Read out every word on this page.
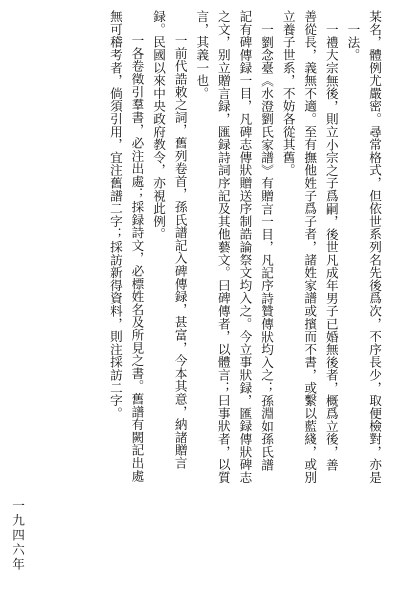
某名，體例尤嚴密。尋常格式，但依世系列名先後爲次，不序長少，取便檢對，亦是
一法。
一禮大宗無後，則立小宗之子爲嗣，後世凡成年男子已婚無後者，概爲立後，善
善從長，義無不適。至有撫他姓子爲子者，諸姓家譜或擯而不書，或繫以藍綫，或別
立養子世系，不妨各從其舊。
一劉念臺《水澄劉氏家譜》有贈言一目，凡記序詩贊傳狀均入之；孫淵如孫氏譜
記有碑傳録一目，凡碑志傳狀贈送序制誥論祭文均入之。今立事狀録，匯録傳狀碑志
之文，别立贈言録，匯録詩詞序記及其他藝文。曰碑傳者，以體言；曰事狀者，以質
言，其義一也。
一前代誥敕之詞，舊列卷首，孫氏譜記入碑傳録，甚富，今本其意，納諸贈言
録。民國以來中央政府教令，亦視此例。
一各卷徵引羣書，必注出處；採録詩文，必標姓名及所見之書。舊譜有闕記出處
無可稽考者，倘須引用，宜注舊譜二字；採訪新得資料，則注採訪二字。
一九四六年
